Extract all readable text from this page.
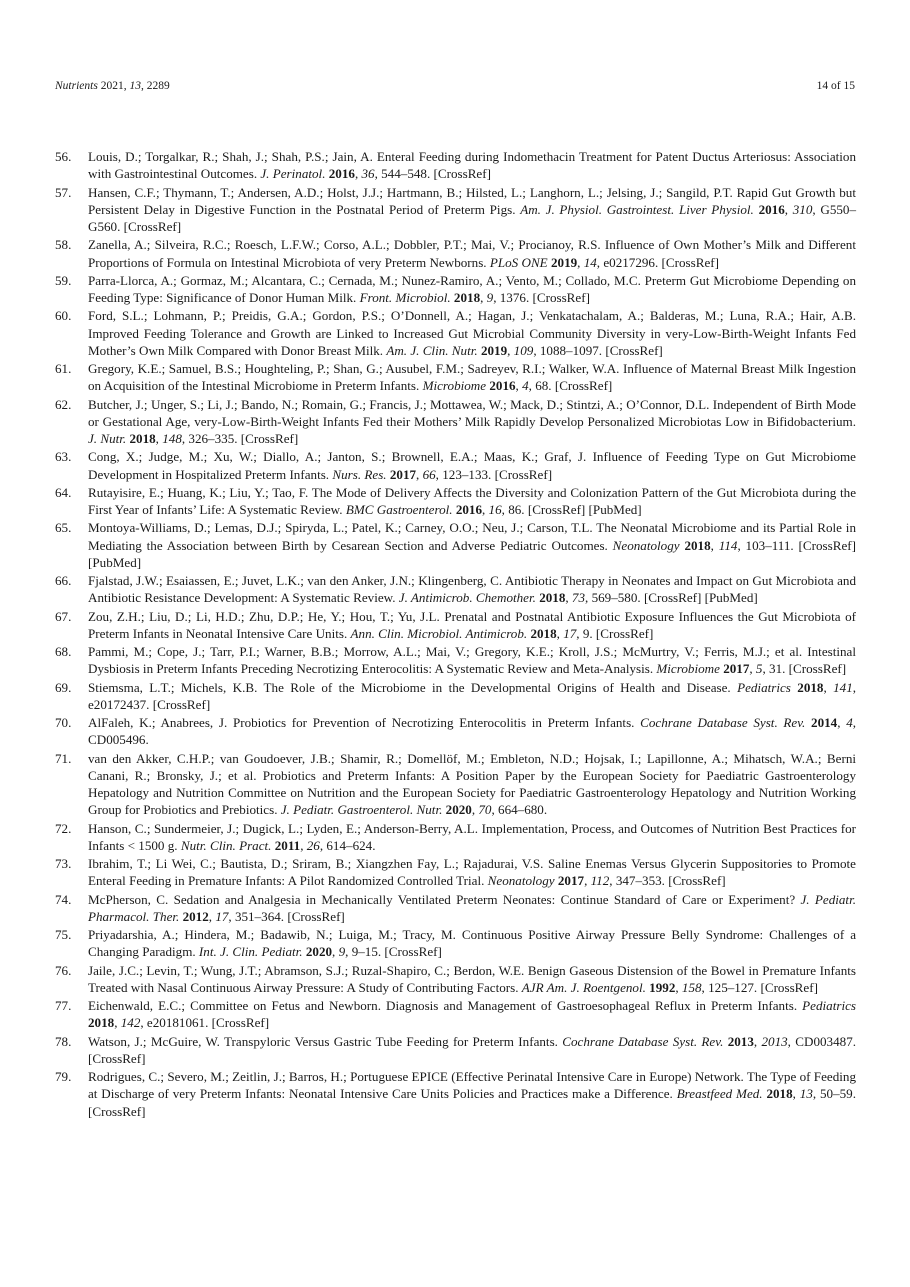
Nutrients 2021, 13, 2289	14 of 15
56. Louis, D.; Torgalkar, R.; Shah, J.; Shah, P.S.; Jain, A. Enteral Feeding during Indomethacin Treatment for Patent Ductus Arteriosus: Association with Gastrointestinal Outcomes. J. Perinatol. 2016, 36, 544–548. [CrossRef]
57. Hansen, C.F.; Thymann, T.; Andersen, A.D.; Holst, J.J.; Hartmann, B.; Hilsted, L.; Langhorn, L.; Jelsing, J.; Sangild, P.T. Rapid Gut Growth but Persistent Delay in Digestive Function in the Postnatal Period of Preterm Pigs. Am. J. Physiol. Gastrointest. Liver Physiol. 2016, 310, G550–G560. [CrossRef]
58. Zanella, A.; Silveira, R.C.; Roesch, L.F.W.; Corso, A.L.; Dobbler, P.T.; Mai, V.; Procianoy, R.S. Influence of Own Mother’s Milk and Different Proportions of Formula on Intestinal Microbiota of very Preterm Newborns. PLoS ONE 2019, 14, e0217296. [CrossRef]
59. Parra-Llorca, A.; Gormaz, M.; Alcantara, C.; Cernada, M.; Nunez-Ramiro, A.; Vento, M.; Collado, M.C. Preterm Gut Microbiome Depending on Feeding Type: Significance of Donor Human Milk. Front. Microbiol. 2018, 9, 1376. [CrossRef]
60. Ford, S.L.; Lohmann, P.; Preidis, G.A.; Gordon, P.S.; O’Donnell, A.; Hagan, J.; Venkatachalam, A.; Balderas, M.; Luna, R.A.; Hair, A.B. Improved Feeding Tolerance and Growth are Linked to Increased Gut Microbial Community Diversity in very-Low-Birth-Weight Infants Fed Mother’s Own Milk Compared with Donor Breast Milk. Am. J. Clin. Nutr. 2019, 109, 1088–1097. [CrossRef]
61. Gregory, K.E.; Samuel, B.S.; Houghteling, P.; Shan, G.; Ausubel, F.M.; Sadreyev, R.I.; Walker, W.A. Influence of Maternal Breast Milk Ingestion on Acquisition of the Intestinal Microbiome in Preterm Infants. Microbiome 2016, 4, 68. [CrossRef]
62. Butcher, J.; Unger, S.; Li, J.; Bando, N.; Romain, G.; Francis, J.; Mottawea, W.; Mack, D.; Stintzi, A.; O’Connor, D.L. Independent of Birth Mode or Gestational Age, very-Low-Birth-Weight Infants Fed their Mothers’ Milk Rapidly Develop Personalized Microbiotas Low in Bifidobacterium. J. Nutr. 2018, 148, 326–335. [CrossRef]
63. Cong, X.; Judge, M.; Xu, W.; Diallo, A.; Janton, S.; Brownell, E.A.; Maas, K.; Graf, J. Influence of Feeding Type on Gut Microbiome Development in Hospitalized Preterm Infants. Nurs. Res. 2017, 66, 123–133. [CrossRef]
64. Rutayisire, E.; Huang, K.; Liu, Y.; Tao, F. The Mode of Delivery Affects the Diversity and Colonization Pattern of the Gut Microbiota during the First Year of Infants’ Life: A Systematic Review. BMC Gastroenterol. 2016, 16, 86. [CrossRef] [PubMed]
65. Montoya-Williams, D.; Lemas, D.J.; Spiryda, L.; Patel, K.; Carney, O.O.; Neu, J.; Carson, T.L. The Neonatal Microbiome and its Partial Role in Mediating the Association between Birth by Cesarean Section and Adverse Pediatric Outcomes. Neonatology 2018, 114, 103–111. [CrossRef] [PubMed]
66. Fjalstad, J.W.; Esaiassen, E.; Juvet, L.K.; van den Anker, J.N.; Klingenberg, C. Antibiotic Therapy in Neonates and Impact on Gut Microbiota and Antibiotic Resistance Development: A Systematic Review. J. Antimicrob. Chemother. 2018, 73, 569–580. [CrossRef] [PubMed]
67. Zou, Z.H.; Liu, D.; Li, H.D.; Zhu, D.P.; He, Y.; Hou, T.; Yu, J.L. Prenatal and Postnatal Antibiotic Exposure Influences the Gut Microbiota of Preterm Infants in Neonatal Intensive Care Units. Ann. Clin. Microbiol. Antimicrob. 2018, 17, 9. [CrossRef]
68. Pammi, M.; Cope, J.; Tarr, P.I.; Warner, B.B.; Morrow, A.L.; Mai, V.; Gregory, K.E.; Kroll, J.S.; McMurtry, V.; Ferris, M.J.; et al. Intestinal Dysbiosis in Preterm Infants Preceding Necrotizing Enterocolitis: A Systematic Review and Meta-Analysis. Microbiome 2017, 5, 31. [CrossRef]
69. Stiemsma, L.T.; Michels, K.B. The Role of the Microbiome in the Developmental Origins of Health and Disease. Pediatrics 2018, 141, e20172437. [CrossRef]
70. AlFaleh, K.; Anabrees, J. Probiotics for Prevention of Necrotizing Enterocolitis in Preterm Infants. Cochrane Database Syst. Rev. 2014, 4, CD005496.
71. van den Akker, C.H.P.; van Goudoever, J.B.; Shamir, R.; Domellöf, M.; Embleton, N.D.; Hojsak, I.; Lapillonne, A.; Mihatsch, W.A.; Berni Canani, R.; Bronsky, J.; et al. Probiotics and Preterm Infants: A Position Paper by the European Society for Paediatric Gastroenterology Hepatology and Nutrition Committee on Nutrition and the European Society for Paediatric Gastroenterology Hepatology and Nutrition Working Group for Probiotics and Prebiotics. J. Pediatr. Gastroenterol. Nutr. 2020, 70, 664–680.
72. Hanson, C.; Sundermeier, J.; Dugick, L.; Lyden, E.; Anderson-Berry, A.L. Implementation, Process, and Outcomes of Nutrition Best Practices for Infants < 1500 g. Nutr. Clin. Pract. 2011, 26, 614–624.
73. Ibrahim, T.; Li Wei, C.; Bautista, D.; Sriram, B.; Xiangzhen Fay, L.; Rajadurai, V.S. Saline Enemas Versus Glycerin Suppositories to Promote Enteral Feeding in Premature Infants: A Pilot Randomized Controlled Trial. Neonatology 2017, 112, 347–353. [CrossRef]
74. McPherson, C. Sedation and Analgesia in Mechanically Ventilated Preterm Neonates: Continue Standard of Care or Experiment? J. Pediatr. Pharmacol. Ther. 2012, 17, 351–364. [CrossRef]
75. Priyadarshia, A.; Hindera, M.; Badawib, N.; Luiga, M.; Tracy, M. Continuous Positive Airway Pressure Belly Syndrome: Challenges of a Changing Paradigm. Int. J. Clin. Pediatr. 2020, 9, 9–15. [CrossRef]
76. Jaile, J.C.; Levin, T.; Wung, J.T.; Abramson, S.J.; Ruzal-Shapiro, C.; Berdon, W.E. Benign Gaseous Distension of the Bowel in Premature Infants Treated with Nasal Continuous Airway Pressure: A Study of Contributing Factors. AJR Am. J. Roentgenol. 1992, 158, 125–127. [CrossRef]
77. Eichenwald, E.C.; Committee on Fetus and Newborn. Diagnosis and Management of Gastroesophageal Reflux in Preterm Infants. Pediatrics 2018, 142, e20181061. [CrossRef]
78. Watson, J.; McGuire, W. Transpyloric Versus Gastric Tube Feeding for Preterm Infants. Cochrane Database Syst. Rev. 2013, 2013, CD003487. [CrossRef]
79. Rodrigues, C.; Severo, M.; Zeitlin, J.; Barros, H.; Portuguese EPICE (Effective Perinatal Intensive Care in Europe) Network. The Type of Feeding at Discharge of very Preterm Infants: Neonatal Intensive Care Units Policies and Practices make a Difference. Breastfeed Med. 2018, 13, 50–59. [CrossRef]
